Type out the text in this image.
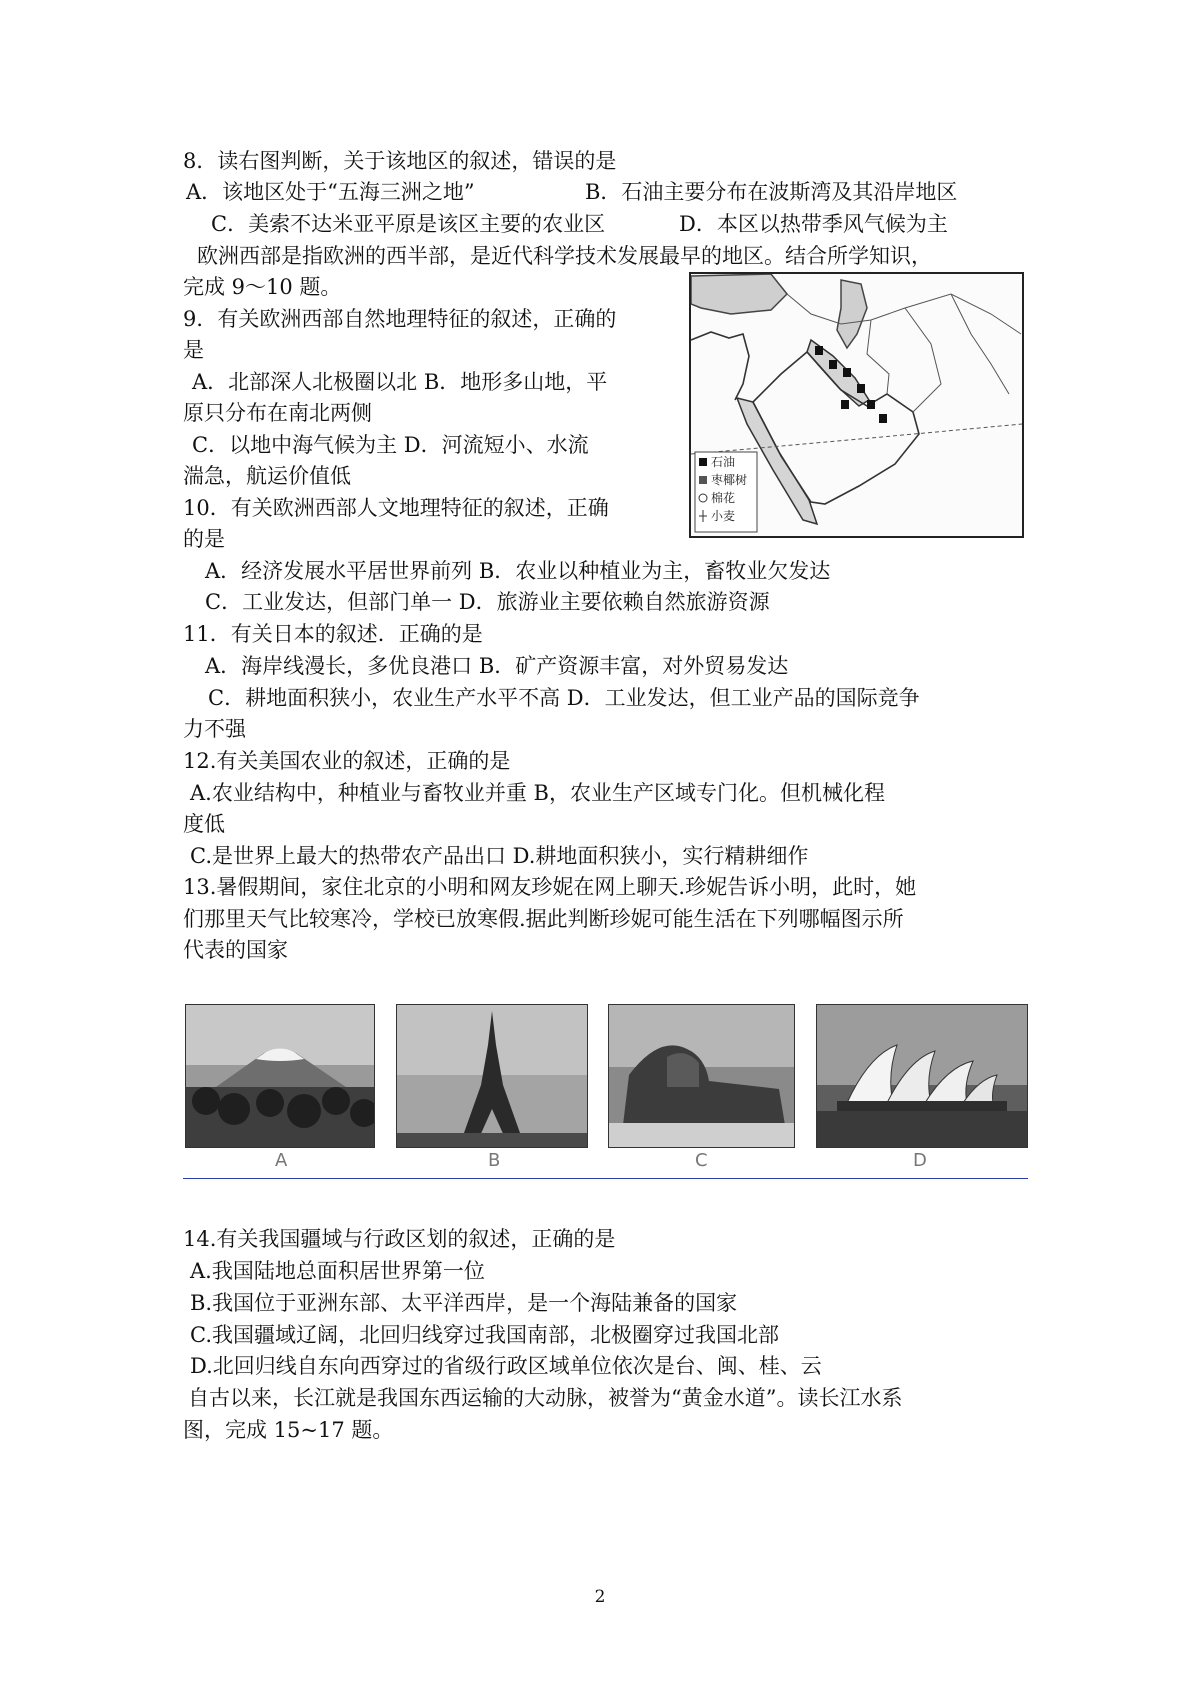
8．读右图判断，关于该地区的叙述，错误的是
A．该地区处于“五海三洲之地”	B．石油主要分布在波斯湾及其沿岸地区
C．美索不达米亚平原是该区主要的农业区	D．本区以热带季风气候为主
欧洲西部是指欧洲的西半部，是近代科学技术发展最早的地区。结合所学知识，
完成 9～10 题。
9．有关欧洲西部自然地理特征的叙述，正确的
是
A．北部深人北极圈以北 B．地形多山地，平
原只分布在南北两侧
C．以地中海气候为主 D．河流短小、水流
湍急，航运价值低
10．有关欧洲西部人文地理特征的叙述，正确
的是
A．经济发展水平居世界前列 B．农业以种植业为主，畜牧业欠发达
C．工业发达，但部门单一 D．旅游业主要依赖自然旅游资源
11．有关日本的叙述．正确的是
A．海岸线漫长，多优良港口 B．矿产资源丰富，对外贸易发达
C．耕地面积狭小，农业生产水平不高 D．工业发达，但工业产品的国际竞争
力不强
12.有关美国农业的叙述，正确的是
A.农业结构中，种植业与畜牧业并重 B，农业生产区域专门化。但机械化程
度低
C.是世界上最大的热带农产品出口 D.耕地面积狭小，实行精耕细作
13.暑假期间，家住北京的小明和网友珍妮在网上聊天.珍妮告诉小明，此时，她
们那里天气比较寒冷，学校已放寒假.据此判断珍妮可能生活在下列哪幅图示所
代表的国家
石油
枣椰树
棉花
小麦
A	B	C	D
14.有关我国疆域与行政区划的叙述，正确的是
A.我国陆地总面积居世界第一位
B.我国位于亚洲东部、太平洋西岸，是一个海陆兼备的国家
C.我国疆域辽阔，北回归线穿过我国南部，北极圈穿过我国北部
D.北回归线自东向西穿过的省级行政区域单位依次是台、闽、桂、云
自古以来，长江就是我国东西运输的大动脉，被誉为“黄金水道”。读长江水系
图，完成 15~17 题。
2
